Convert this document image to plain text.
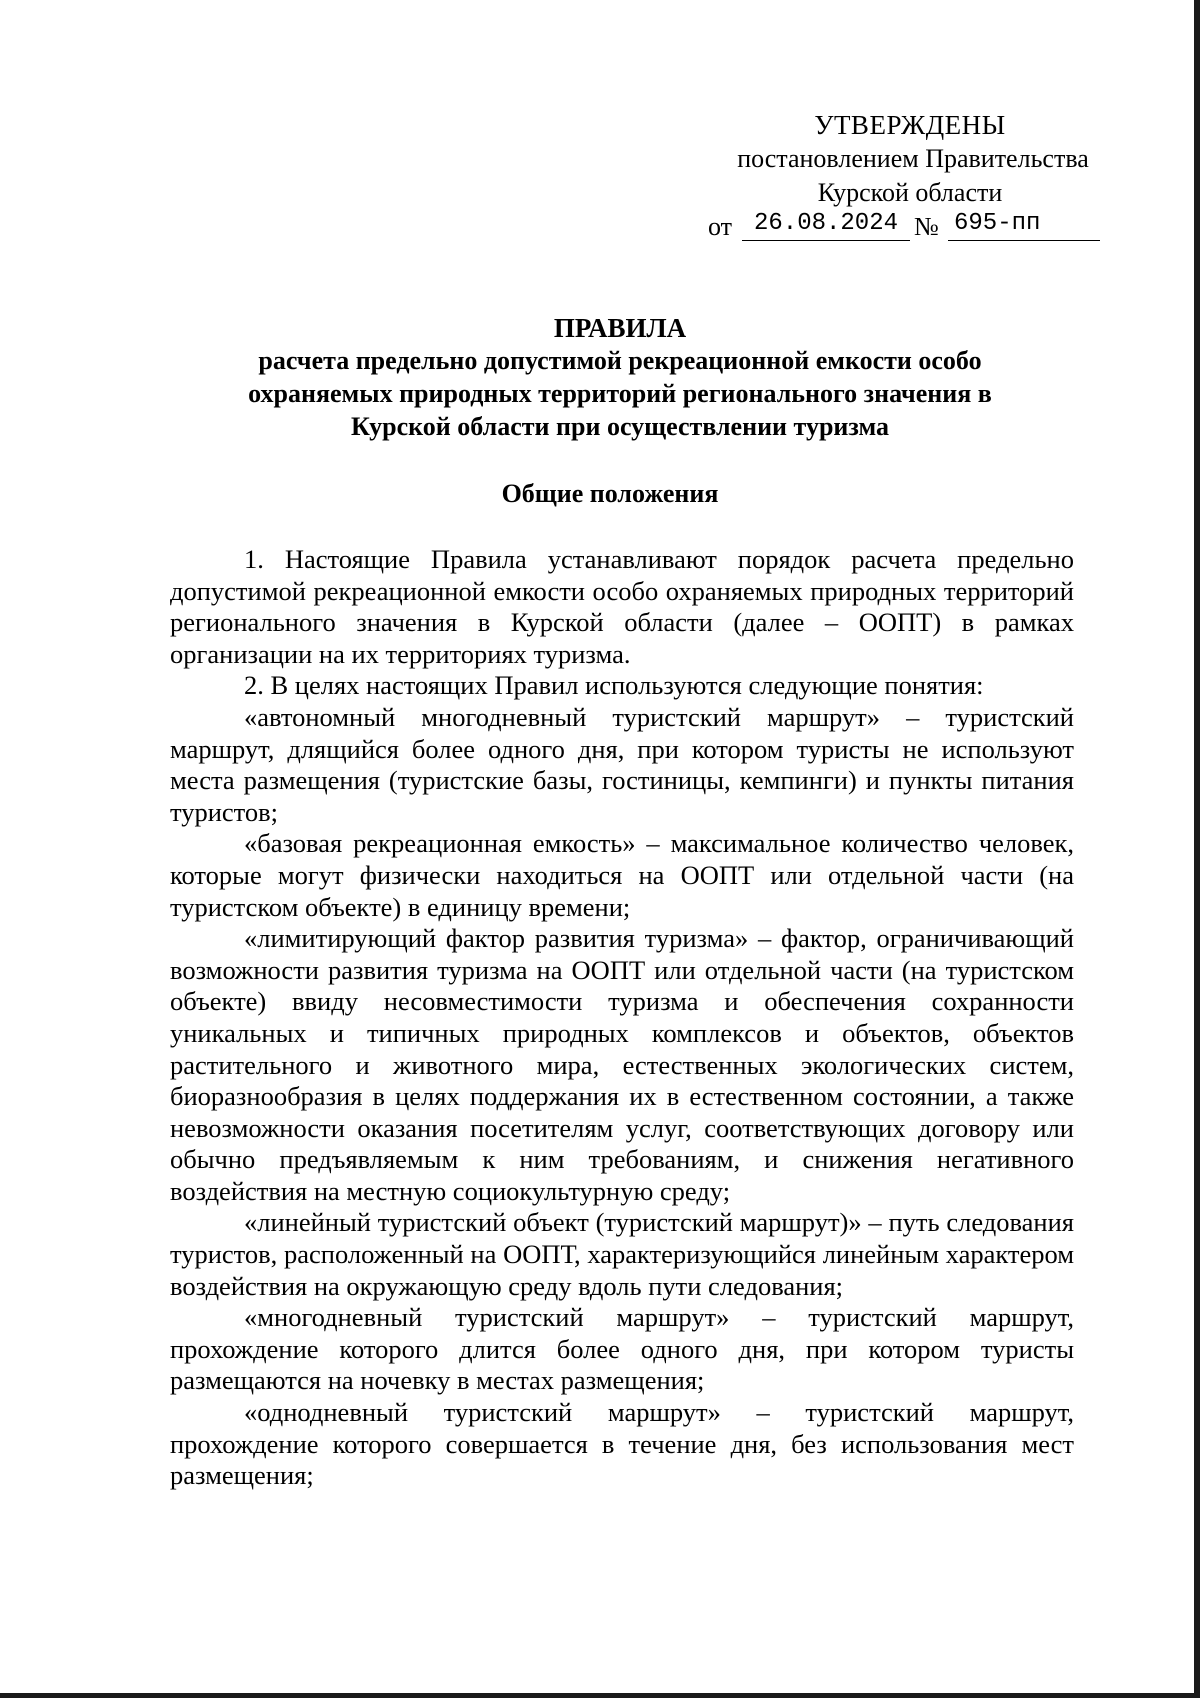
УТВЕРЖДЕНЫ
постановлением Правительства
Курской области
от 26.08.2024 № 695-пп
ПРАВИЛА
расчета предельно допустимой рекреационной емкости особо
охраняемых природных территорий регионального значения в
Курской области при осуществлении туризма
Общие положения

1. Настоящие Правила устанавливают порядок расчета предельно допустимой рекреационной емкости особо охраняемых природных территорий регионального значения в Курской области (далее – ООПТ) в рамках организации на их территориях туризма.

2. В целях настоящих Правил используются следующие понятия:

«автономный многодневный туристский маршрут» – туристский маршрут, длящийся более одного дня, при котором туристы не используют места размещения (туристские базы, гостиницы, кемпинги) и пункты питания туристов;

«базовая рекреационная емкость» – максимальное количество человек, которые могут физически находиться на ООПТ или отдельной части (на туристском объекте) в единицу времени;

«лимитирующий фактор развития туризма» – фактор, ограничивающий возможности развития туризма на ООПТ или отдельной части (на туристском объекте) ввиду несовместимости туризма и обеспечения сохранности уникальных и типичных природных комплексов и объектов, объектов растительного и животного мира, естественных экологических систем, биоразнообразия в целях поддержания их в естественном состоянии, а также невозможности оказания посетителям услуг, соответствующих договору или обычно предъявляемым к ним требованиям, и снижения негативного воздействия на местную социокультурную среду;

«линейный туристский объект (туристский маршрут)» – путь следования туристов, расположенный на ООПТ, характеризующийся линейным характером воздействия на окружающую среду вдоль пути следования;

«многодневный туристский маршрут» – туристский маршрут, прохождение которого длится более одного дня, при котором туристы размещаются на ночевку в местах размещения;

«однодневный туристский маршрут» – туристский маршрут, прохождение которого совершается в течение дня, без использования мест размещения;
